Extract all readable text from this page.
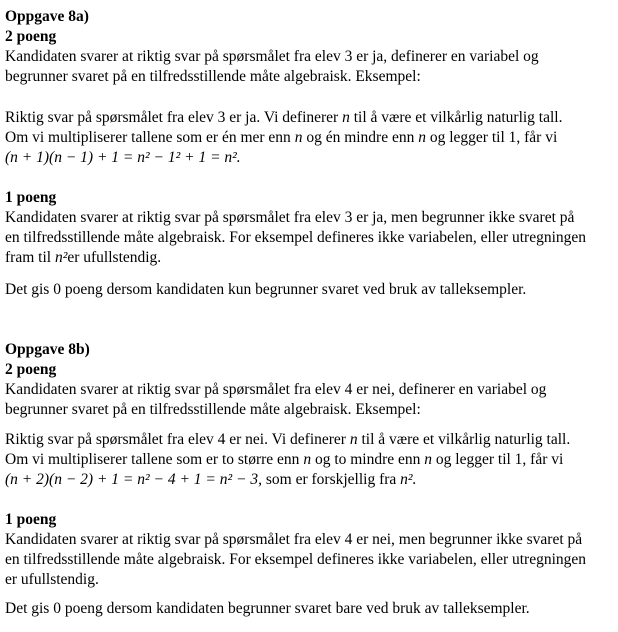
Oppgave 8a)
2 poeng
Kandidaten svarer at riktig svar på spørsmålet fra elev 3 er ja, definerer en variabel og
begrunner svaret på en tilfredsstillende måte algebraisk. Eksempel:
Riktig svar på spørsmålet fra elev 3 er ja. Vi definerer n til å være et vilkårlig naturlig tall.
Om vi multipliserer tallene som er én mer enn n og én mindre enn n og legger til 1, får vi
(n + 1)(n − 1) + 1 = n² − 1² + 1 = n².
1 poeng
Kandidaten svarer at riktig svar på spørsmålet fra elev 3 er ja, men begrunner ikke svaret på
en tilfredsstillende måte algebraisk. For eksempel defineres ikke variabelen, eller utregningen
fram til n²er ufullstendig.
Det gis 0 poeng dersom kandidaten kun begrunner svaret ved bruk av talleksempler.
Oppgave 8b)
2 poeng
Kandidaten svarer at riktig svar på spørsmålet fra elev 4 er nei, definerer en variabel og
begrunner svaret på en tilfredsstillende måte algebraisk. Eksempel:
Riktig svar på spørsmålet fra elev 4 er nei. Vi definerer n til å være et vilkårlig naturlig tall.
Om vi multipliserer tallene som er to større enn n og to mindre enn n og legger til 1, får vi
(n + 2)(n − 2) + 1 = n² − 4 + 1 = n² − 3, som er forskjellig fra n².
1 poeng
Kandidaten svarer at riktig svar på spørsmålet fra elev 4 er nei, men begrunner ikke svaret på
en tilfredsstillende måte algebraisk. For eksempel defineres ikke variabelen, eller utregningen
er ufullstendig.
Det gis 0 poeng dersom kandidaten begrunner svaret bare ved bruk av talleksempler.
